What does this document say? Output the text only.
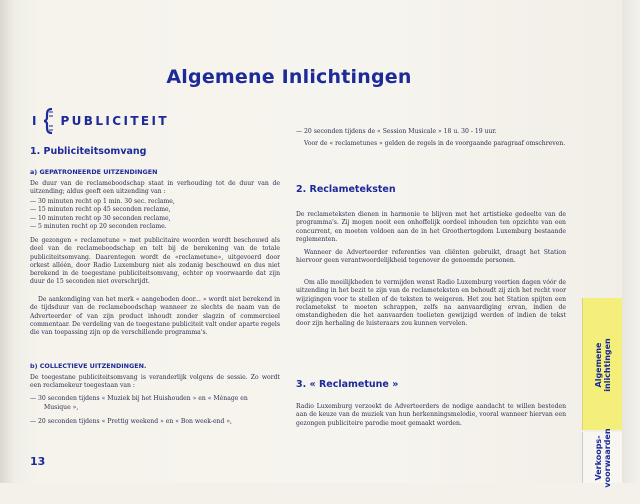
Algemene Inlichtingen
I PUBLICITEIT
1. Publiciteitsomvang
a) GEPATRONEERDE UITZENDINGEN
De duur van de reclameboodschap staat in verhouding tot de duur van de uitzending; aldus geeft een uitzending van :
— 30 minuten recht op 1 min. 30 sec. reclame,
— 15 minuten recht op 45 seconden reclame,
— 10 minuten recht op 30 seconden reclame,
— 5 minuten recht op 20 seconden reclame.
De gezongen « reclametune » met publicitaire woorden wordt beschouwd als deel van de reclameboodschap en telt bij de berekening van de totale publiciteitsomvang. Daarentegen wordt de «reclametune», uitgevoerd door orkest alléén, door Radio Luxemburg niet als zodanig beschouwd en dus niet berekend in de toegestane publiciteitsomvang, echter op voorwaarde dat zijn duur de 15 seconden niet overschrijdt.
De aankondiging van het merk « aangeboden door... » wordt niet berekend in de tijdsduur van de reclameboodschap wanneer ze slechts de naam van de Adverteerder of van zijn product inhoudt zonder slagzin of commercieel commentaar. De verdeling van de toegestane publiciteit valt onder aparte regels die van toepassing zijn op de verschillende programma's.
b) COLLECTIEVE UITZENDINGEN.
De toegestane publiciteitsomvang is veranderlijk volgens de sessie. Zo wordt een reclamekeur toegestaan van :
— 30 seconden tijdens « Muziek bij het Huishouden » en « Ménage en
Musique »,
— 20 seconden tijdens « Prettig weekend » en « Bon week-end »,
13
— 20 seconden tijdens de « Session Musicale » 18 u. 30 - 19 uur.
Voor de « reclametunes » gelden de regels in de voorgaande paragraaf omschreven.
2. Reclameteksten
De reclameteksten dienen in harmonie te blijven met het artistieke gedeelte van de programma's. Zij mogen nooit een onhoffelijk oordeel inhouden ten opzichte van een concurrent, en moeten voldoen aan de in het Groothertogdom Luxemburg bestaande reglementen.
Wanneer de Adverteerder referenties van cliënten gebruikt, draagt het Station hiervoor geen verantwoordelijkheid tegenover de genoemde personen.
Om alle moeilijkheden te vermijden wenst Radio Luxemburg veertien dagen vóór de uitzending in het bezit te zijn van de reclameteksten en behoudt zij zich het recht voor wijzigingen voor te stellen of de teksten te weigeren. Het zou het Station spijten een reclametekst te moeten schrappen, zelfs na aanvaardiging ervan, indien de omstandigheden die het aanvaarden toelieten gewijzigd werden of indien de tekst door zijn herhaling de luisteraars zou kunnen vervelen.
3. « Reclametune »
Radio Luxemburg verzoekt de Adverteerders de nodige aandacht te willen besteden aan de keuze van de muziek van hun herkenningsmelodie, vooral wanneer hiervan een gezongen publiciteire parodie moet gemaakt worden.
Algemene inlichtingen
Verkoops- voorwaarden
